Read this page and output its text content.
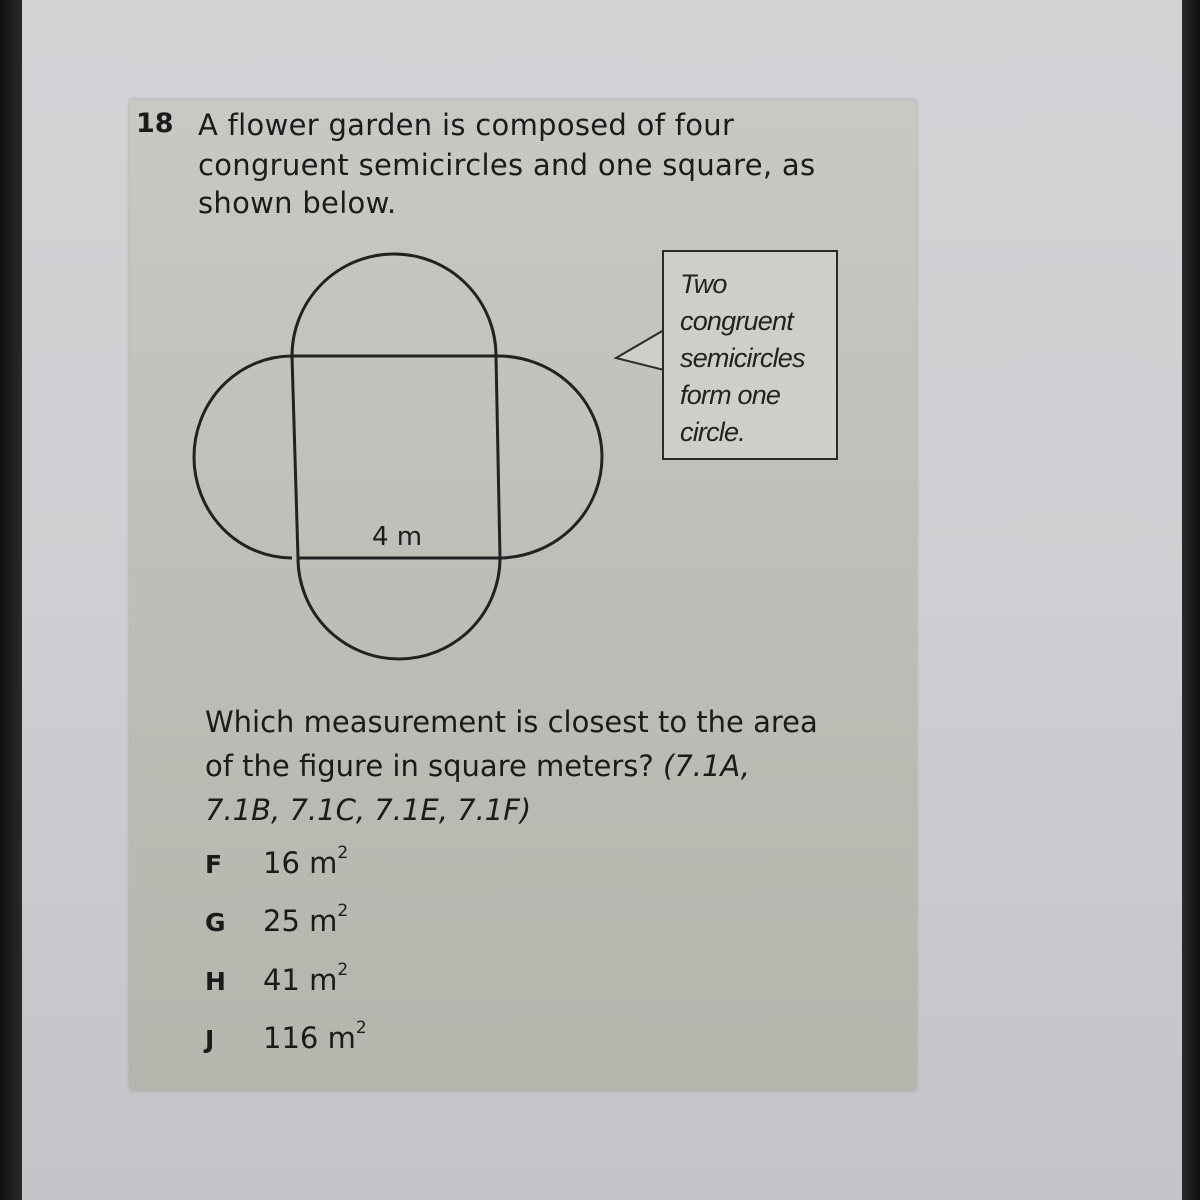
18 A flower garden is composed of four
congruent semicircles and one square, as
shown below.
Two
congruent
semicircles
form one
circle.
4 m
Which measurement is closest to the area
of the figure in square meters? (7.1A,
7.1B, 7.1C, 7.1E, 7.1F)
F 16 $m^2$
G 25 $m^2$
H 41 $m^2$
J 116 $m^2$
